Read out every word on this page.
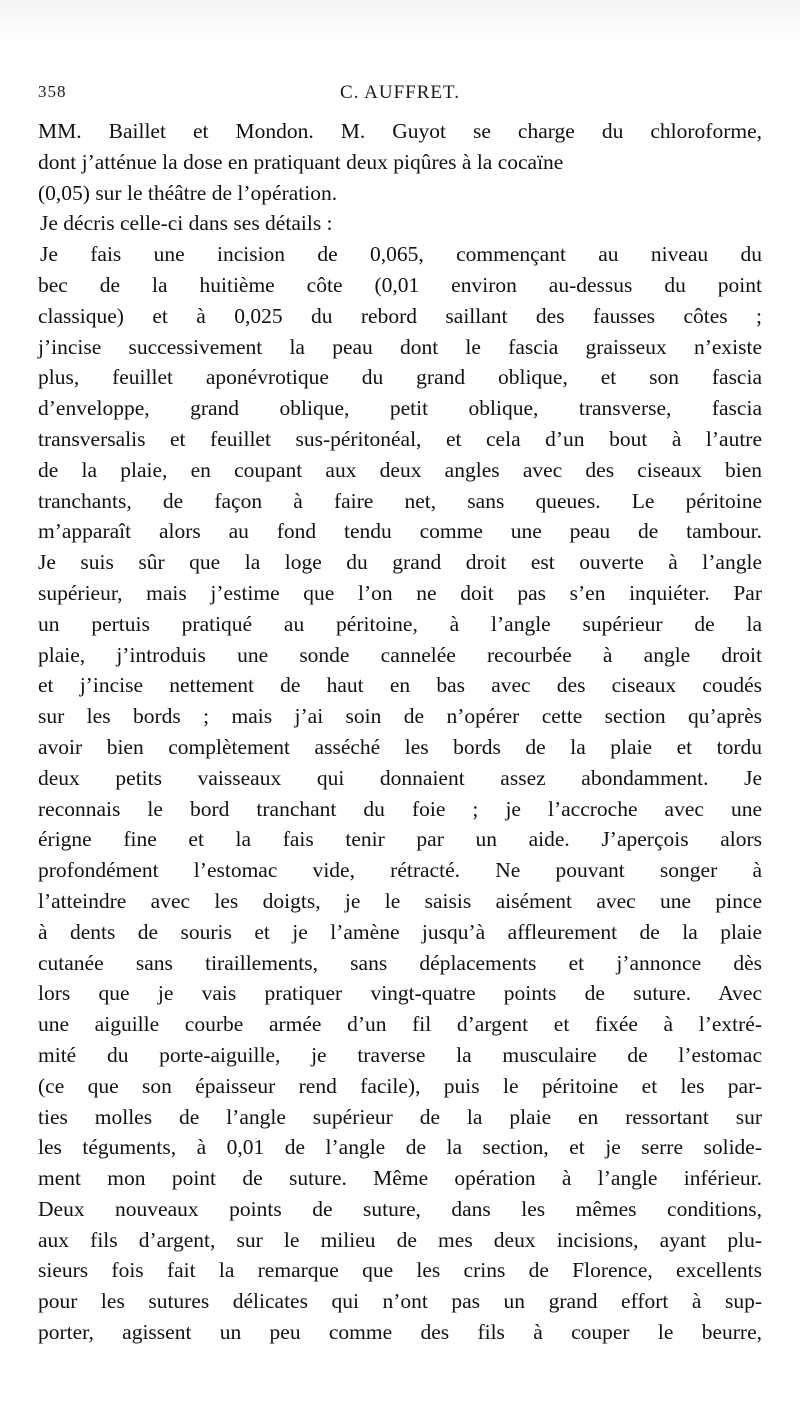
358	C. AUFFRET.
MM. Baillet et Mondon. M. Guyot se charge du chloroforme,
dont j’atténue la dose en pratiquant deux piqûres à la cocaïne
(0,05) sur le théâtre de l’opération.
Je décris celle-ci dans ses détails :
Je fais une incision de 0,065, commençant au niveau du
bec de la huitième côte (0,01 environ au-dessus du point
classique) et à 0,025 du rebord saillant des fausses côtes ;
j’incise successivement la peau dont le fascia graisseux n’existe
plus, feuillet aponévrotique du grand oblique, et son fascia
d’enveloppe, grand oblique, petit oblique, transverse, fascia
transversalis et feuillet sus-péritonéal, et cela d’un bout à l’autre
de la plaie, en coupant aux deux angles avec des ciseaux bien
tranchants, de façon à faire net, sans queues. Le péritoine
m’apparaît alors au fond tendu comme une peau de tambour.
Je suis sûr que la loge du grand droit est ouverte à l’angle
supérieur, mais j’estime que l’on ne doit pas s’en inquiéter. Par
un pertuis pratiqué au péritoine, à l’angle supérieur de la
plaie, j’introduis une sonde cannelée recourbée à angle droit
et j’incise nettement de haut en bas avec des ciseaux coudés
sur les bords ; mais j’ai soin de n’opérer cette section qu’après
avoir bien complètement asséché les bords de la plaie et tordu
deux petits vaisseaux qui donnaient assez abondamment. Je
reconnais le bord tranchant du foie ; je l’accroche avec une
érigne fine et la fais tenir par un aide. J’aperçois alors
profondément l’estomac vide, rétracté. Ne pouvant songer à
l’atteindre avec les doigts, je le saisis aisément avec une pince
à dents de souris et je l’amène jusqu’à affleurement de la plaie
cutanée sans tiraillements, sans déplacements et j’annonce dès
lors que je vais pratiquer vingt-quatre points de suture. Avec
une aiguille courbe armée d’un fil d’argent et fixée à l’extré-
mité du porte-aiguille, je traverse la musculaire de l’estomac
(ce que son épaisseur rend facile), puis le péritoine et les par-
ties molles de l’angle supérieur de la plaie en ressortant sur
les téguments, à 0,01 de l’angle de la section, et je serre solide-
ment mon point de suture. Même opération à l’angle inférieur.
Deux nouveaux points de suture, dans les mêmes conditions,
aux fils d’argent, sur le milieu de mes deux incisions, ayant plu-
sieurs fois fait la remarque que les crins de Florence, excellents
pour les sutures délicates qui n’ont pas un grand effort à sup-
porter, agissent un peu comme des fils à couper le beurre,
